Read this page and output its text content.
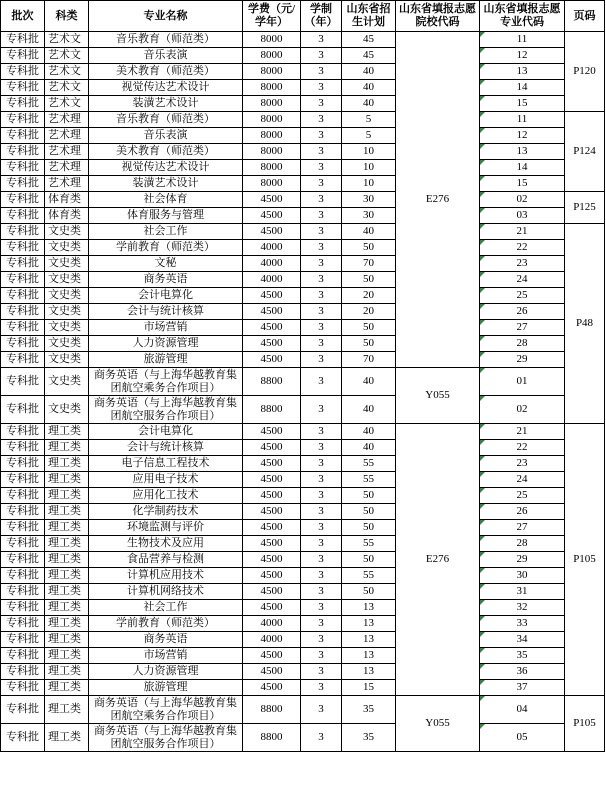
批次	科类	专业名称	学费（元/学年）	学制（年）	山东省招生计划	山东省填报志愿院校代码	山东省填报志愿专业代码	页码
专科批	艺术文	音乐教育（师范类）	8000	3	45	E276	11	P120
专科批	艺术文	音乐表演	8000	3	45		12	
专科批	艺术文	美术教育（师范类）	8000	3	40		13	
专科批	艺术文	视觉传达艺术设计	8000	3	40		14	
专科批	艺术文	装潢艺术设计	8000	3	40		15	
专科批	艺术理	音乐教育（师范类）	8000	3	5		11	P124
专科批	艺术理	音乐表演	8000	3	5		12	
专科批	艺术理	美术教育（师范类）	8000	3	10		13	
专科批	艺术理	视觉传达艺术设计	8000	3	10		14	
专科批	艺术理	装潢艺术设计	8000	3	10		15	
专科批	体育类	社会体育	4500	3	30		02	P125
专科批	体育类	体育服务与管理	4500	3	30		03	
专科批	文史类	社会工作	4500	3	40		21	P48
专科批	文史类	学前教育（师范类）	4000	3	50		22	
专科批	文史类	文秘	4000	3	70		23	
专科批	文史类	商务英语	4000	3	50		24	
专科批	文史类	会计电算化	4500	3	20		25	
专科批	文史类	会计与统计核算	4500	3	20		26	
专科批	文史类	市场营销	4500	3	50		27	
专科批	文史类	人力资源管理	4500	3	50		28	
专科批	文史类	旅游管理	4500	3	70		29	
专科批	文史类	商务英语（与上海华越教育集团航空乘务合作项目）	8800	3	40	Y055	01	
专科批	文史类	商务英语（与上海华越教育集团航空服务合作项目）	8800	3	40		02	
专科批	理工类	会计电算化	4500	3	40	E276	21	P105
专科批	理工类	会计与统计核算	4500	3	40		22	
专科批	理工类	电子信息工程技术	4500	3	55		23	
专科批	理工类	应用电子技术	4500	3	55		24	
专科批	理工类	应用化工技术	4500	3	50		25	
专科批	理工类	化学制药技术	4500	3	50		26	
专科批	理工类	环境监测与评价	4500	3	50		27	
专科批	理工类	生物技术及应用	4500	3	55		28	
专科批	理工类	食品营养与检测	4500	3	50		29	
专科批	理工类	计算机应用技术	4500	3	55		30	
专科批	理工类	计算机网络技术	4500	3	50		31	
专科批	理工类	社会工作	4500	3	13		32	
专科批	理工类	学前教育（师范类）	4000	3	13		33	
专科批	理工类	商务英语	4000	3	13		34	
专科批	理工类	市场营销	4500	3	13		35	
专科批	理工类	人力资源管理	4500	3	13		36	
专科批	理工类	旅游管理	4500	3	15		37	
专科批	理工类	商务英语（与上海华越教育集团航空乘务合作项目）	8800	3	35	Y055	04	P105
专科批	理工类	商务英语（与上海华越教育集团航空服务合作项目）	8800	3	35		05	
